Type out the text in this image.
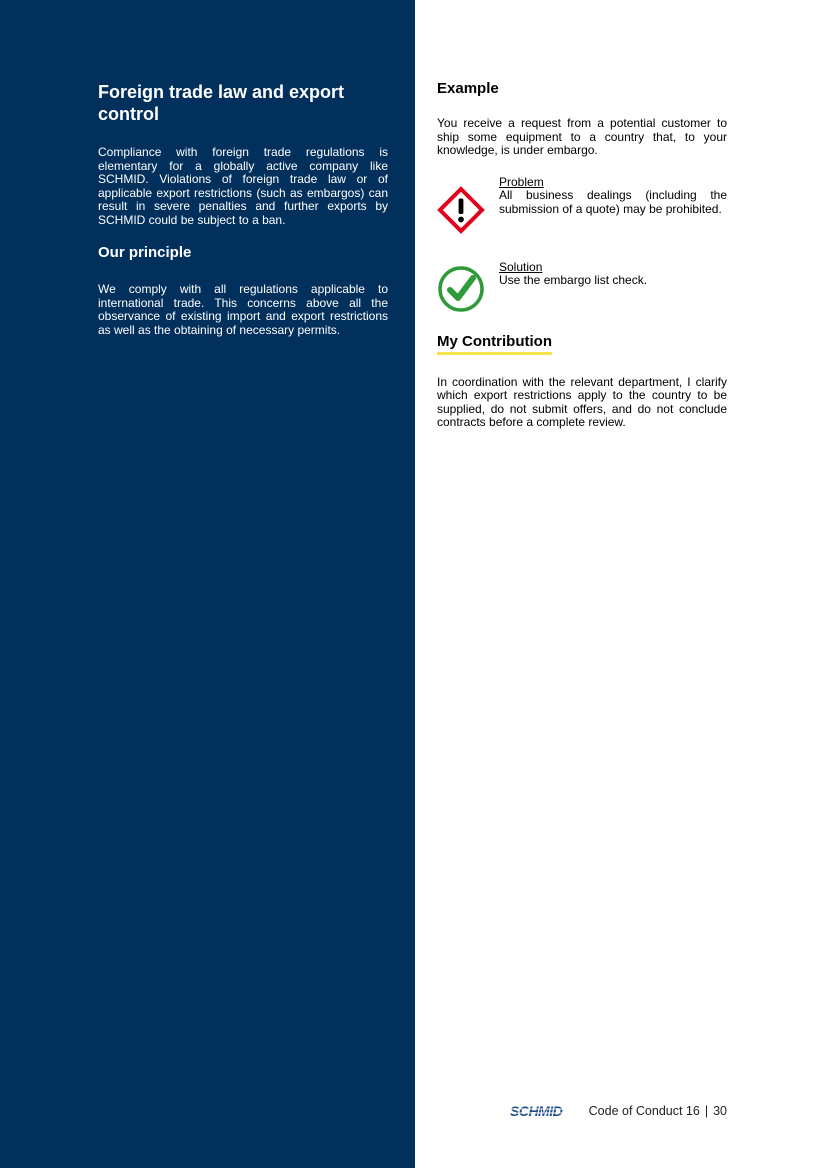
Foreign trade law and export control

Compliance with foreign trade regulations is elementary for a globally active company like SCHMID. Violations of foreign trade law or of applicable export restrictions (such as embargos) can result in severe penalties and further exports by SCHMID could be subject to a ban.

Our principle

We comply with all regulations applicable to international trade. This concerns above all the observance of existing import and export restrictions as well as the obtaining of necessary permits.

Example

You receive a request from a potential customer to ship some equipment to a country that, to your knowledge, is under embargo.

Problem

All business dealings (including the submission of a quote) may be prohibited.

Solution

Use the embargo list check.

My Contribution

In coordination with the relevant department, I clarify which export restrictions apply to the country to be supplied, do not submit offers, and do not conclude contracts before a complete review.

SCHMID Code of Conduct 16 | 30
